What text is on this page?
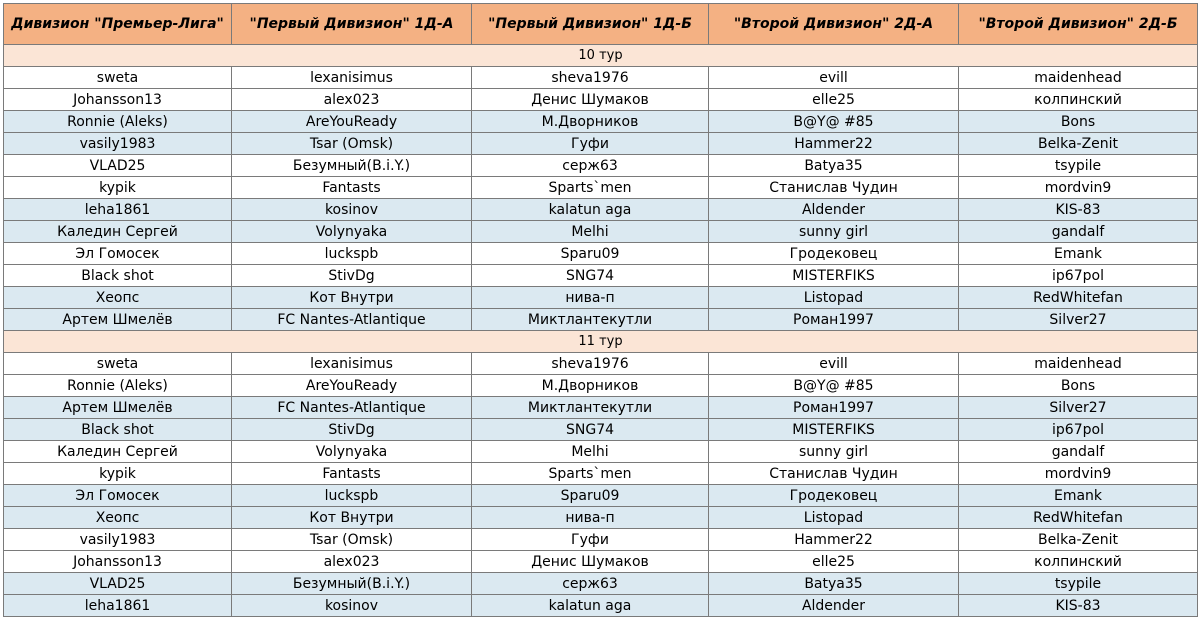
Дивизион "Премьер-Лига"	"Первый Дивизион" 1Д-А	"Первый Дивизион" 1Д-Б	"Второй Дивизион" 2Д-А	"Второй Дивизион" 2Д-Б
10 тур				
sweta	lexanisimus	sheva1976	evill	maidenhead
Johansson13	alex023	Денис Шумаков	elle25	колпинский
Ronnie (Aleks)	AreYouReady	М.Дворников	B@Y@ #85	Bons
vasily1983	Tsar (Omsk)	Гуфи	Hammer22	Belka-Zenit
VLAD25	Безумный(B.i.Y.)	серж63	Batya35	tsypile
kypik	Fantasts	Sparts`men	Станислав Чудин	mordvin9
leha1861	kosinov	kalatun aga	Aldender	KIS-83
Каледин Сергей	Volynyaka	Melhi	sunny girl	gandalf
Эл Гомосек	luckspb	Sparu09	Гродековец	Emank
Black shot	StivDg	SNG74	MISTERFIKS	ip67pol
Хеопс	Кот Внутри	нива-п	Listopad	RedWhitefan
Артем Шмелёв	FC Nantes-Atlantique	Миктлантекутли	Роман1997	Silver27
11 тур				
sweta	lexanisimus	sheva1976	evill	maidenhead
Ronnie (Aleks)	AreYouReady	М.Дворников	B@Y@ #85	Bons
Артем Шмелёв	FC Nantes-Atlantique	Миктлантекутли	Роман1997	Silver27
Black shot	StivDg	SNG74	MISTERFIKS	ip67pol
Каледин Сергей	Volynyaka	Melhi	sunny girl	gandalf
kypik	Fantasts	Sparts`men	Станислав Чудин	mordvin9
Эл Гомосек	luckspb	Sparu09	Гродековец	Emank
Хеопс	Кот Внутри	нива-п	Listopad	RedWhitefan
vasily1983	Tsar (Omsk)	Гуфи	Hammer22	Belka-Zenit
Johansson13	alex023	Денис Шумаков	elle25	колпинский
VLAD25	Безумный(B.i.Y.)	серж63	Batya35	tsypile
leha1861	kosinov	kalatun aga	Aldender	KIS-83
